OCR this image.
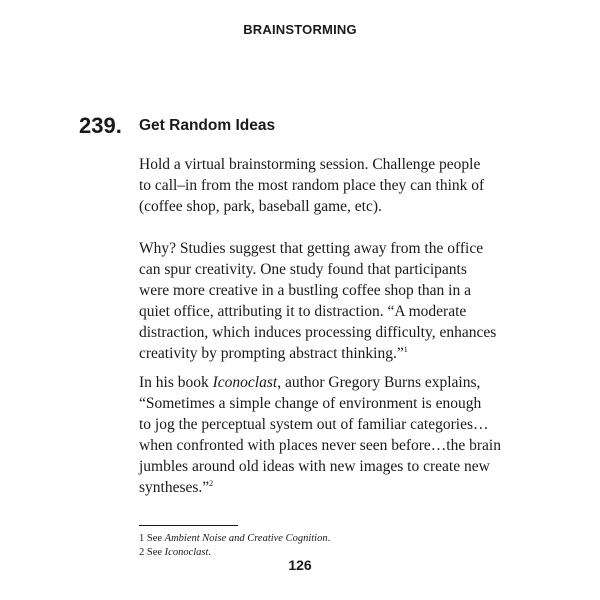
BRAINSTORMING
239. Get Random Ideas

Hold a virtual brainstorming session. Challenge people
to call–in from the most random place they can think of
(coffee shop, park, baseball game, etc).

Why? Studies suggest that getting away from the office
can spur creativity. One study found that participants
were more creative in a bustling coffee shop than in a
quiet office, attributing it to distraction. “A moderate
distraction, which induces processing difficulty, enhances
creativity by prompting abstract thinking.”$^1$

In his book Iconoclast, author Gregory Burns explains,
“Sometimes a simple change of environment is enough
to jog the perceptual system out of familiar categories…
when confronted with places never seen before…the brain
jumbles around old ideas with new images to create new
syntheses.”$^2$

1 See Ambient Noise and Creative Cognition.
2 See Iconoclast.
126
